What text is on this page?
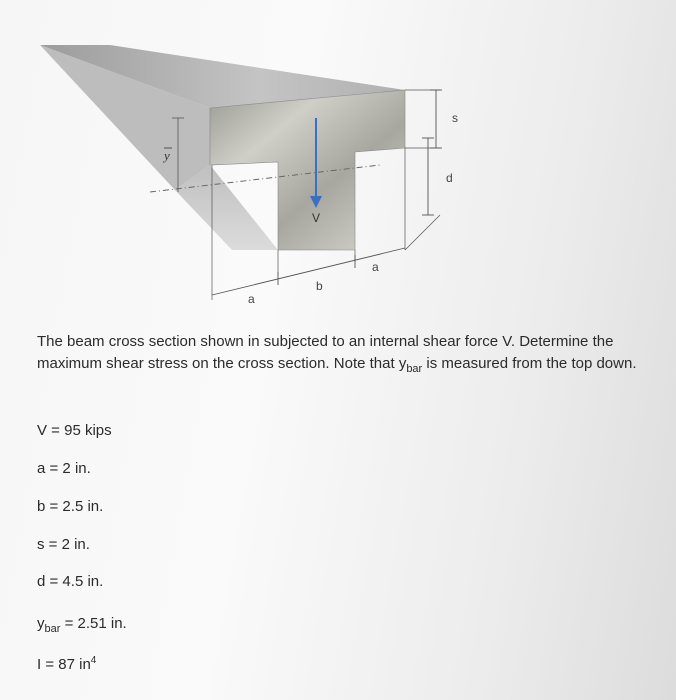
V
y
s
d
a
b
a
The beam cross section shown in subjected to an internal shear force V. Determine the maximum shear stress on the cross section. Note that $y_{bar}$ is measured from the top down.
V = 95 kips
a = 2 in.
b = 2.5 in.
s = 2 in.
d = 4.5 in.
$y_{bar} = 2.51$ in.
I = 87 $in^4$
